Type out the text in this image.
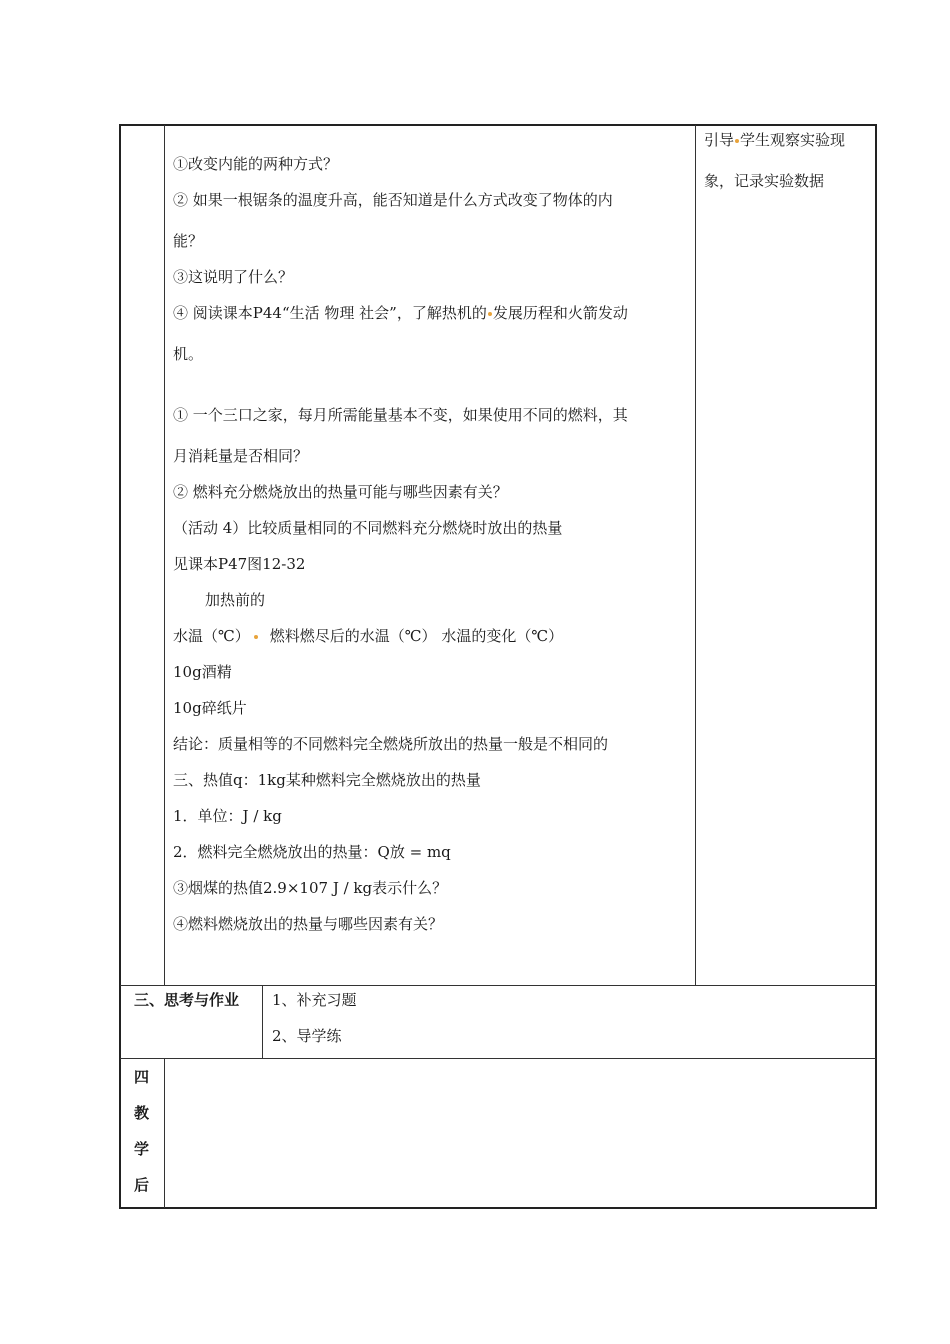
①改变内能的两种方式？
② 如果一根锯条的温度升高，能否知道是什么方式改变了物体的内
能？
③这说明了什么？
④ 阅读课本P44“生活 物理 社会”，了解热机的 发展历程和火箭发动
机。
① 一个三口之家，每月所需能量基本不变，如果使用不同的燃料，其
月消耗量是否相同？
② 燃料充分燃烧放出的热量可能与哪些因素有关？
（活动 4）比较质量相同的不同燃料充分燃烧时放出的热量
见课本P47图12-32
加热前的
水温（℃） 燃料燃尽后的水温（℃） 水温的变化（℃）
10g酒精
10g碎纸片
结论：质量相等的不同燃料完全燃烧所放出的热量一般是不相同的
三、热值q：1kg某种燃料完全燃烧放出的热量
1．单位：J / kg
2．燃料完全燃烧放出的热量：Q放 = mq
③烟煤的热值2.9×107 J / kg表示什么？
④燃料燃烧放出的热量与哪些因素有关？
引导 学生观察实验现
象，记录实验数据
三、思考与作业 1、补充习题
2、导学练
四
教
学
后
